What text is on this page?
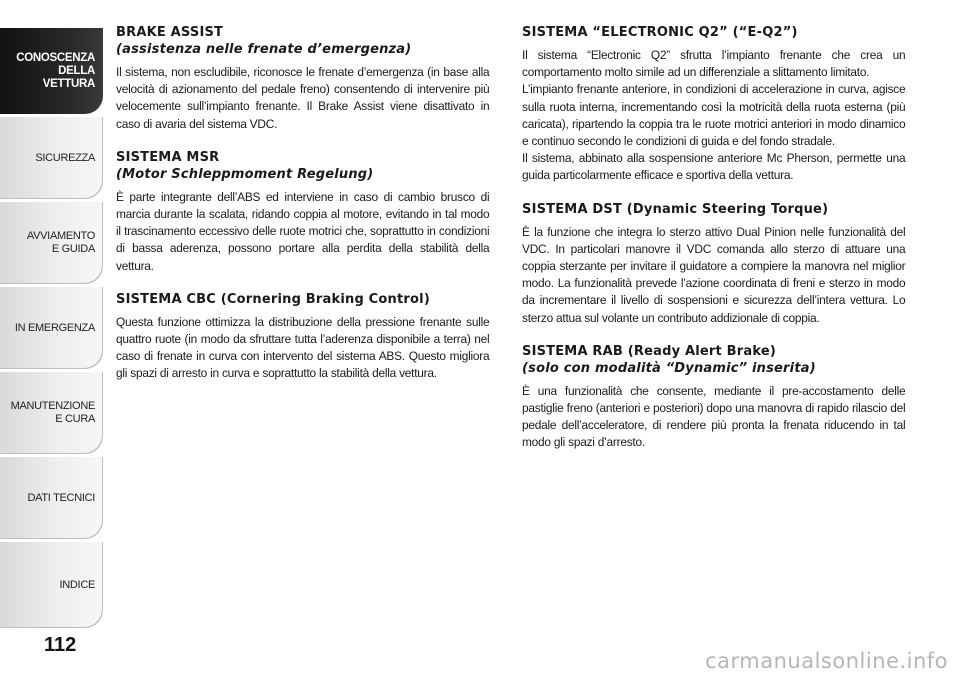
CONOSCENZA
DELLA
VETTURA
SICUREZZA
AVVIAMENTO
E GUIDA
IN EMERGENZA
MANUTENZIONE
E CURA
DATI TECNICI
INDICE
112
BRAKE ASSIST
(assistenza nelle frenate d’emergenza)

Il sistema, non escludibile, riconosce le frenate d’emergenza (in base alla velocità di azionamento del pedale freno) consentendo di intervenire più velocemente sull’impianto frenante. Il Brake Assist viene disattivato in caso di avaria del sistema VDC.

SISTEMA MSR
(Motor Schleppmoment Regelung)

È parte integrante dell’ABS ed interviene in caso di cambio brusco di marcia durante la scalata, ridando coppia al motore, evitando in tal modo il trascinamento eccessivo delle ruote motrici che, soprattutto in condizioni di bassa aderenza, possono portare alla perdita della stabilità della vettura.

SISTEMA CBC (Cornering Braking Control)

Questa funzione ottimizza la distribuzione della pressione frenante sulle quattro ruote (in modo da sfruttare tutta l’aderenza disponibile a terra) nel caso di frenate in curva con intervento del sistema ABS. Questo migliora gli spazi di arresto in curva e soprattutto la stabilità della vettura.

SISTEMA “ELECTRONIC Q2” (“E-Q2”)

Il sistema “Electronic Q2” sfrutta l’impianto frenante che crea un comportamento molto simile ad un differenziale a slittamento limitato.

L’impianto frenante anteriore, in condizioni di accelerazione in curva, agisce sulla ruota interna, incrementando così la motricità della ruota esterna (più caricata), ripartendo la coppia tra le ruote motrici anteriori in modo dinamico e continuo secondo le condizioni di guida e del fondo stradale.

Il sistema, abbinato alla sospensione anteriore Mc Pherson, permette una guida particolarmente efficace e sportiva della vettura.

SISTEMA DST (Dynamic Steering Torque)

È la funzione che integra lo sterzo attivo Dual Pinion nelle funzionalità del VDC. In particolari manovre il VDC comanda allo sterzo di attuare una coppia sterzante per invitare il guidatore a compiere la manovra nel miglior modo. La funzionalità prevede l’azione coordinata di freni e sterzo in modo da incrementare il livello di sospensioni e sicurezza dell’intera vettura. Lo sterzo attua sul volante un contributo addizionale di coppia.

SISTEMA RAB (Ready Alert Brake)
(solo con modalità “Dynamic” inserita)

È una funzionalità che consente, mediante il pre-accostamento delle pastiglie freno (anteriori e posteriori) dopo una manovra di rapido rilascio del pedale dell’acceleratore, di rendere più pronta la frenata riducendo in tal modo gli spazi d’arresto.

carmanualsonline.info
